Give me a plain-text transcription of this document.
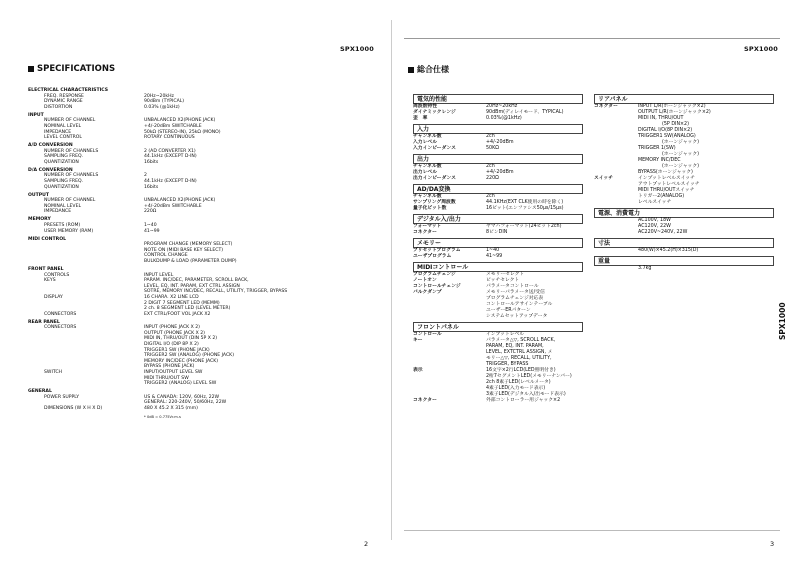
SPX1000	SPX1000
SPX1000
2	3
SPECIFICATIONS
ELECTRICAL CHARACTERISTICS
FREQ. RESPONSE	20Hz~20kHz
DYNAMIC RANGE	90dBm (TYPICAL)
DISTORTION	0.03% (@1kHz)
INPUT
NUMBER OF CHANNEL	UNBALANCED X2(PHONE JACK)
NOMINAL LEVEL	+4/-20dBm SWITCHABLE
IMPEDANCE	50kΩ (STEREO-IN), 25kΩ (MONO)
LEVEL CONTROL	ROTARY CONTINUOUS
A/D CONVERSION
NUMBER OF CHANNELS	2 (AD CONVERTER X1)
SAMPLING FREQ.	44.1kHz (EXCEPT D-IN)
QUANTIZATION	16bits
D/A CONVERSION
NUMBER OF CHANNELS	2
SAMPLING FREQ.	44.1kHz (EXCEPT D-IN)
QUANTIZATION	16bits
OUTPUT
NUMBER OF CHANNEL	UNBALANCED X2(PHONE JACK)
NOMINAL LEVEL	+4/-20dBm SWITCHABLE
IMPEDANCE	220Ω
MEMORY
PRESETS (ROM)	1~40
USER MEMORY (RAM)	41~99
MIDI CONTROL
PROGRAM CHANGE (MEMORY SELECT)
NOTE ON (MIDI BASE KEY SELECT)
CONTROL CHANGE
BULKDUMP & LOAD (PARAMETER DUMP)
FRONT PANEL
CONTROLS	INPUT LEVEL
KEYS	PARAM. INC/DEC, PARAMETER, SCROLL BACK,
LEVEL, EQ, INT. PARAM, EXT CTRL ASSIGN
SOTRE, MEMORY INC/DEC, RECALL, UTILITY, TRIGGER, BYPASS
DISPLAY	16 CHARA. X2 LINE LCD
2 DIGIT 7 SEGMENT LED (MEMM)
2 ch. 8 SEGMENT LED (LEVEL METER)
CONNECTORS	EXT CTRL/FOOT VOL JACK X2
REAR PANEL
CONNECTORS	INPUT (PHONE JACK X 2)
OUTPUT (PHONE JACK X 2)
MIDI IN, THRU/OUT (DIN 5P X 2)
DIGITAL I/O (DIP 8P X 2)
TRIGGER1 SW (PHONE JACK)
TRIGGER2 SW (ANALOG) (PHONE JACK)
MEMORY INC/DEC (PHONE JACK)
BYPASS (PHONE JACK)
SWITCH	INPUT/OUTPUT LEVEL SW
MIDI THRU/OUT SW
TRIGGER2 (ANALOG) LEVEL SW
GENERAL
POWER SUPPLY	US & CANADA: 120V, 60Hz, 22W
GENERAL: 220-240V, 50/60Hz, 22W
DIMENSIONS (W X H X D)	480 X 45.2 X 315 (mm)
* 0dB = 0.775Vr.m.s
総合仕様
電気的性能
周波数特性	20Hz~20kHz
ダイナミックレンジ	90dBm(ディレイモード、TYPICAL)
歪　率	0.03%(@1kHz)
入力
チャンネル数	2ch
入力レベル	+4/-20dBm
入力インピーダンス	50KΩ
出力
チャンネル数	2ch
出力レベル	+4/-20dBm
出力インピーダンス	220Ω
AD/DA変換
チャンネル数	2ch
サンプリング周波数	44.1KHz(EXT CLK使用の時を除く)
量子化ビット数	16ビット(エンファシス50μs/15μs)
デジタル入/出力
フォーマット	ヤマハフォーマット(24ビット2ch)
コネクター	8ピンDIN
メモリー
プリセットプログラム	1~40
ユーザプログラム	41~99
MIDIコントロール
プログラムチェンジ	メモリーセレクト
ノートオン	ピッチセレクト
コントロールチェンジ	パラメータコントロール
バルクダンプ	メモリーパラメータ送/受信
プログラムチェンジ対応表
コントロールアサインテーブル
ユーザーERパターン
システムセットアップデータ
フロントパネル
コントロール	インプットレベル
キー	パラメータ△▽, SCROLL BACK,
PARAM, EQ, INT. PARAM,
LEVEL, EXTCTRL ASSIGN, メ
モリー△▽, RECALL, UTILITY,
TRIGGER, BYPASS
表示	16文字×2行LCD(LED照明付き)
2桁7セグメントLED(メモリーナンバー)
2ch 8素子LED(レベルメータ)
4素子LED(入力モード表示)
3素子LED(デジタル入/出モード表示)
コネクター	外部コントローラー用ジャック×2
リアパネル
コネクター	INPUT L/R(ホーンジャック×2)
OUTPUT L/R(ホーンジャック×2)
MIDI IN, THRU/OUT
(5P DIN×2)
DIGITAL I/O(8P DIN×2)
TRIGGER1 SW(ANALOG)
(ホーンジャック)
TRIGGER 1(SW)
(ホーンジャック)
MEMORY INC/DEC
(ホーンジャック)
BYPASS(ホーンジャック)
スイッチ	インプットレベルスイッチ
アウトプットレベルスイッチ
MIDI THRU/OUTスイッチ
トリガー2(ANALOG)
レベルスイッチ
電源、消費電力
AC100V, 18W
AC120V, 22W
AC220V~240V, 22W
寸法
480(W)×45.2(H)×315(D)
重量
3.7kg
